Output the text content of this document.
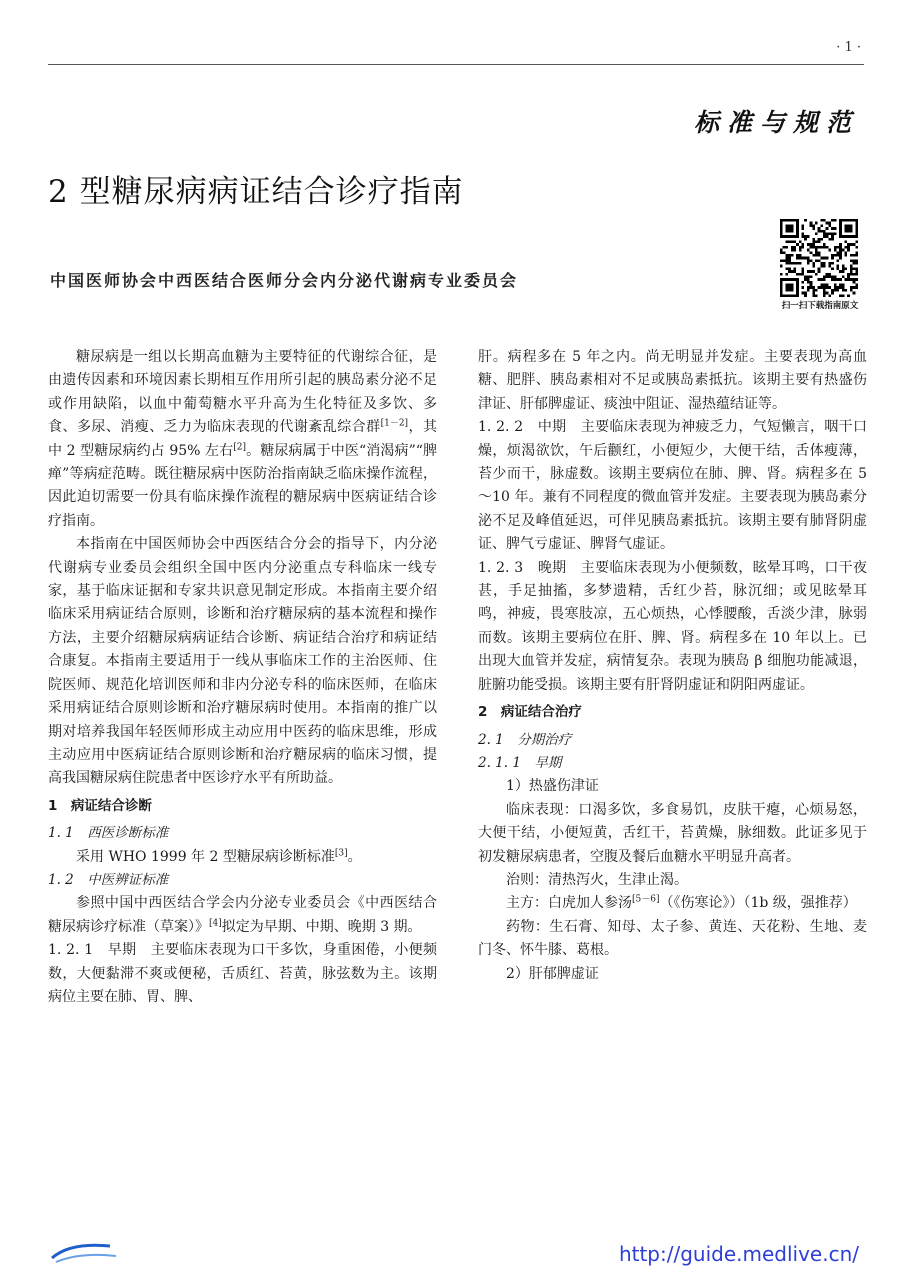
· 1 ·
标准与规范
2 型糖尿病病证结合诊疗指南
中国医师协会中西医结合医师分会内分泌代谢病专业委员会
扫一扫下载指南原文

糖尿病是一组以长期高血糖为主要特征的代谢综合征，是由遗传因素和环境因素长期相互作用所引起的胰岛素分泌不足或作用缺陷，以血中葡萄糖水平升高为生化特征及多饮、多食、多尿、消瘦、乏力为临床表现的代谢紊乱综合群[1－2]，其中 2 型糖尿病约占 95% 左右[2]。糖尿病属于中医“消渴病”“脾瘅”等病症范畴。既往糖尿病中医防治指南缺乏临床操作流程，因此迫切需要一份具有临床操作流程的糖尿病中医病证结合诊疗指南。

本指南在中国医师协会中西医结合分会的指导下，内分泌代谢病专业委员会组织全国中医内分泌重点专科临床一线专家，基于临床证据和专家共识意见制定形成。本指南主要介绍临床采用病证结合原则，诊断和治疗糖尿病的基本流程和操作方法，主要介绍糖尿病病证结合诊断、病证结合治疗和病证结合康复。本指南主要适用于一线从事临床工作的主治医师、住院医师、规范化培训医师和非内分泌专科的临床医师，在临床采用病证结合原则诊断和治疗糖尿病时使用。本指南的推广以期对培养我国年轻医师形成主动应用中医药的临床思维，形成主动应用中医病证结合原则诊断和治疗糖尿病的临床习惯，提高我国糖尿病住院患者中医诊疗水平有所助益。

1　病证结合诊断

1. 1　西医诊断标准

采用 WHO 1999 年 2 型糖尿病诊断标准[3]。

1. 2　中医辨证标准

参照中国中西医结合学会内分泌专业委员会《中西医结合糖尿病诊疗标准（草案）》[4]拟定为早期、中期、晚期 3 期。

1. 2. 1　早期　主要临床表现为口干多饮，身重困倦，小便频数，大便黏滞不爽或便秘，舌质红、苔黄，脉弦数为主。该期病位主要在肺、胃、脾、

肝。病程多在 5 年之内。尚无明显并发症。主要表现为高血糖、肥胖、胰岛素相对不足或胰岛素抵抗。该期主要有热盛伤津证、肝郁脾虚证、痰浊中阻证、湿热蕴结证等。

1. 2. 2　中期　主要临床表现为神疲乏力，气短懒言，咽干口燥，烦渴欲饮，午后颧红，小便短少，大便干结，舌体瘦薄，苔少而干，脉虚数。该期主要病位在肺、脾、肾。病程多在 5～10 年。兼有不同程度的微血管并发症。主要表现为胰岛素分泌不足及峰值延迟，可伴见胰岛素抵抗。该期主要有肺肾阴虚证、脾气亏虚证、脾肾气虚证。

1. 2. 3　晚期　主要临床表现为小便频数，眩晕耳鸣，口干夜甚，手足抽搐，多梦遗精，舌红少苔，脉沉细；或见眩晕耳鸣，神疲，畏寒肢凉，五心烦热，心悸腰酸，舌淡少津，脉弱而数。该期主要病位在肝、脾、肾。病程多在 10 年以上。已出现大血管并发症，病情复杂。表现为胰岛 β 细胞功能减退，脏腑功能受损。该期主要有肝肾阴虚证和阴阳两虚证。

2　病证结合治疗

2. 1　分期治疗

2. 1. 1　早期

1）热盛伤津证

临床表现：口渴多饮，多食易饥，皮肤干瘪，心烦易怒，大便干结，小便短黄，舌红干，苔黄燥，脉细数。此证多见于初发糖尿病患者，空腹及餐后血糖水平明显升高者。

治则：清热泻火，生津止渴。

主方：白虎加人参汤[5－6]（《伤寒论》）（1b 级，强推荐）

药物：生石膏、知母、太子参、黄连、天花粉、生地、麦门冬、怀牛膝、葛根。

2）肝郁脾虚证

http://guide.medlive.cn/
